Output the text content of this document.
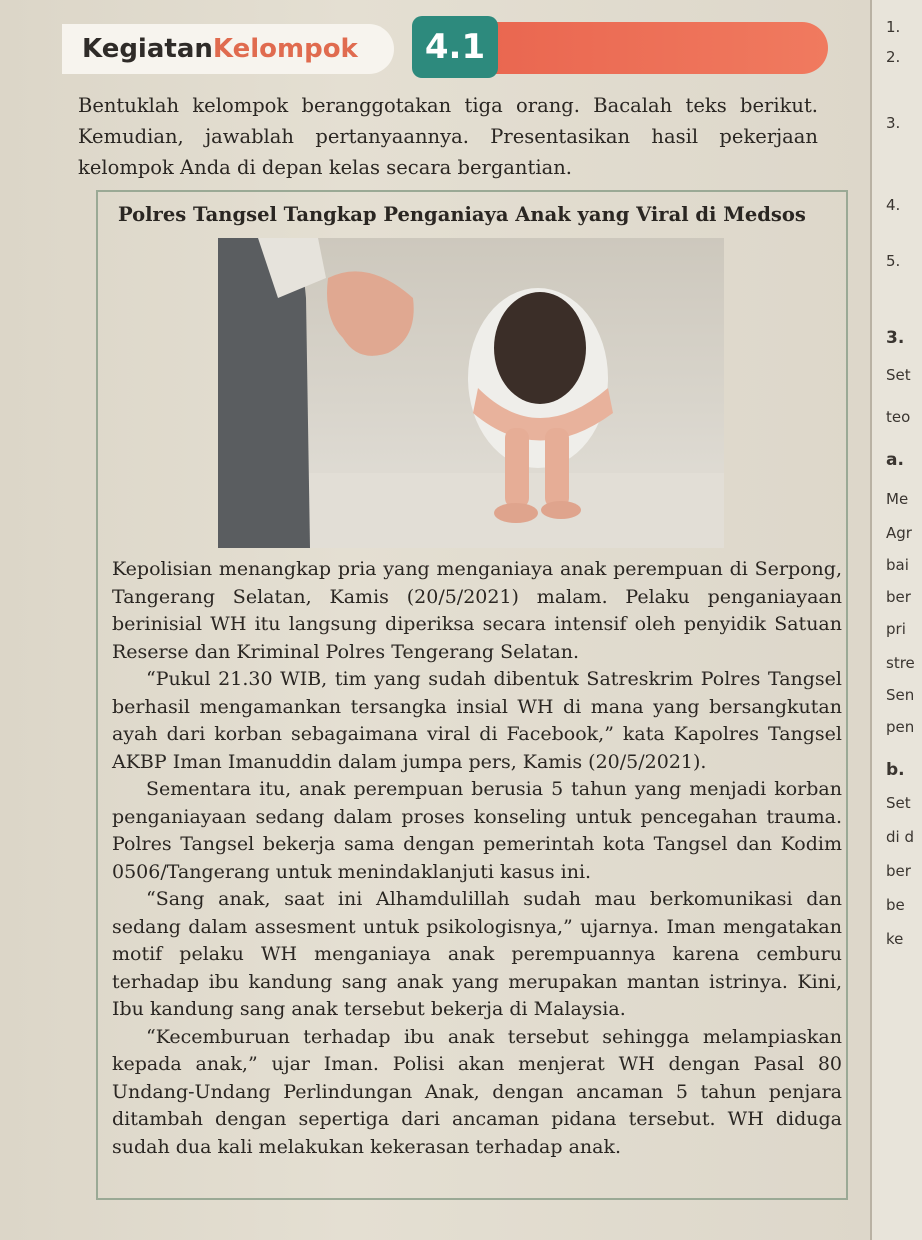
KegiatanKelompok	4.1
Bentuklah kelompok beranggotakan tiga orang. Bacalah teks berikut. Kemudian, jawablah pertanyaannya. Presentasikan hasil pekerjaan kelompok Anda di depan kelas secara bergantian.
Polres Tangsel Tangkap Penganiaya Anak yang Viral di Medsos

Kepolisian menangkap pria yang menganiaya anak perempuan di Serpong, Tangerang Selatan, Kamis (20/5/2021) malam. Pelaku penganiayaan berinisial WH itu langsung diperiksa secara intensif oleh penyidik Satuan Reserse dan Kriminal Polres Tengerang Selatan.

“Pukul 21.30 WIB, tim yang sudah dibentuk Satreskrim Polres Tangsel berhasil mengamankan tersangka insial WH di mana yang bersangkutan ayah dari korban sebagaimana viral di Facebook,” kata Kapolres Tangsel AKBP Iman Imanuddin dalam jumpa pers, Kamis (20/5/2021).

Sementara itu, anak perempuan berusia 5 tahun yang menjadi korban penganiayaan sedang dalam proses konseling untuk pencegahan trauma. Polres Tangsel bekerja sama dengan pemerintah kota Tangsel dan Kodim 0506/Tangerang untuk menindaklanjuti kasus ini.

“Sang anak, saat ini Alhamdulillah sudah mau berkomunikasi dan sedang dalam assesment untuk psikologisnya,” ujarnya. Iman mengatakan motif pelaku WH menganiaya anak perempuannya karena cemburu terhadap ibu kandung sang anak yang merupakan mantan istrinya. Kini, Ibu kandung sang anak tersebut bekerja di Malaysia.

“Kecemburuan terhadap ibu anak tersebut sehingga melampiaskan kepada anak,” ujar Iman. Polisi akan menjerat WH dengan Pasal 80 Undang-Undang Perlindungan Anak, dengan ancaman 5 tahun penjara ditambah dengan sepertiga dari ancaman pidana tersebut. WH diduga sudah dua kali melakukan kekerasan terhadap anak.

1.
2.
3.
4.
5.
3.
Set
teo
a.
Me
Agr
bai
ber
pri
stre
Sen
pen
b.
Set
di d
ber
be
ke
